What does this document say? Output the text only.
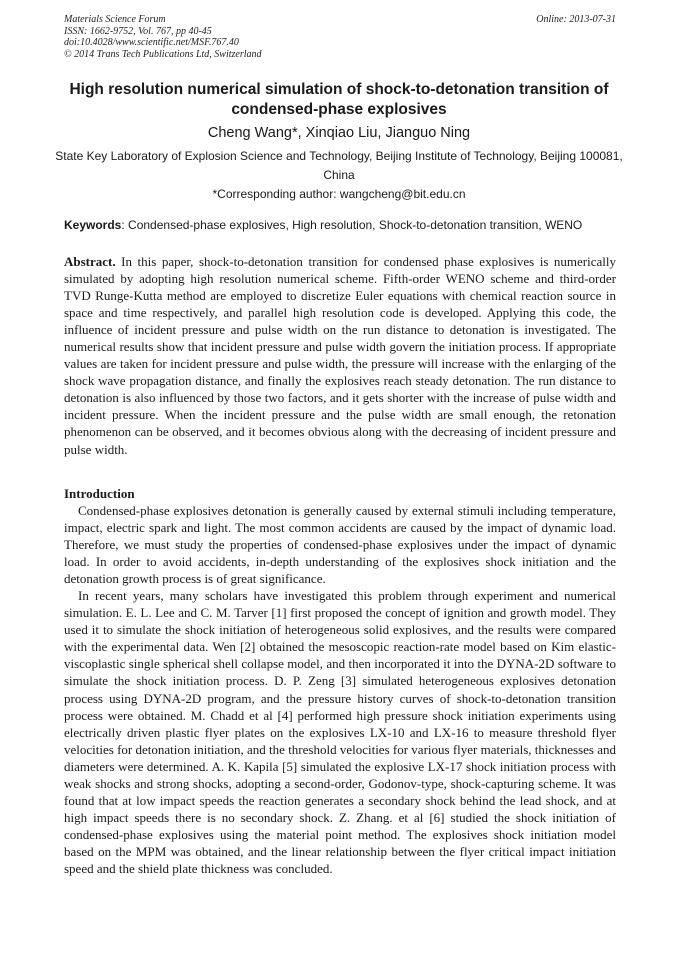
Materials Science Forum
ISSN: 1662-9752, Vol. 767, pp 40-45
doi:10.4028/www.scientific.net/MSF.767.40
© 2014 Trans Tech Publications Ltd, Switzerland
Online: 2013-07-31
High resolution numerical simulation of shock-to-detonation transition of condensed-phase explosives
Cheng Wang*, Xinqiao Liu, Jianguo Ning
State Key Laboratory of Explosion Science and Technology, Beijing Institute of Technology, Beijing 100081, China
*Corresponding author: wangcheng@bit.edu.cn
Keywords: Condensed-phase explosives, High resolution, Shock-to-detonation transition, WENO
Abstract. In this paper, shock-to-detonation transition for condensed phase explosives is numerically simulated by adopting high resolution numerical scheme. Fifth-order WENO scheme and third-order TVD Runge-Kutta method are employed to discretize Euler equations with chemical reaction source in space and time respectively, and parallel high resolution code is developed. Applying this code, the influence of incident pressure and pulse width on the run distance to detonation is investigated. The numerical results show that incident pressure and pulse width govern the initiation process. If appropriate values are taken for incident pressure and pulse width, the pressure will increase with the enlarging of the shock wave propagation distance, and finally the explosives reach steady detonation. The run distance to detonation is also influenced by those two factors, and it gets shorter with the increase of pulse width and incident pressure. When the incident pressure and the pulse width are small enough, the retonation phenomenon can be observed, and it becomes obvious along with the decreasing of incident pressure and pulse width.
Introduction

Condensed-phase explosives detonation is generally caused by external stimuli including temperature, impact, electric spark and light. The most common accidents are caused by the impact of dynamic load. Therefore, we must study the properties of condensed-phase explosives under the impact of dynamic load. In order to avoid accidents, in-depth understanding of the explosives shock initiation and the detonation growth process is of great significance.

In recent years, many scholars have investigated this problem through experiment and numerical simulation. E. L. Lee and C. M. Tarver [1] first proposed the concept of ignition and growth model. They used it to simulate the shock initiation of heterogeneous solid explosives, and the results were compared with the experimental data. Wen [2] obtained the mesoscopic reaction-rate model based on Kim elastic-viscoplastic single spherical shell collapse model, and then incorporated it into the DYNA-2D software to simulate the shock initiation process. D. P. Zeng [3] simulated heterogeneous explosives detonation process using DYNA-2D program, and the pressure history curves of shock-to-detonation transition process were obtained. M. Chadd et al [4] performed high pressure shock initiation experiments using electrically driven plastic flyer plates on the explosives LX-10 and LX-16 to measure threshold flyer velocities for detonation initiation, and the threshold velocities for various flyer materials, thicknesses and diameters were determined. A. K. Kapila [5] simulated the explosive LX-17 shock initiation process with weak shocks and strong shocks, adopting a second-order, Godonov-type, shock-capturing scheme. It was found that at low impact speeds the reaction generates a secondary shock behind the lead shock, and at high impact speeds there is no secondary shock. Z. Zhang. et al [6] studied the shock initiation of condensed-phase explosives using the material point method. The explosives shock initiation model based on the MPM was obtained, and the linear relationship between the flyer critical impact initiation speed and the shield plate thickness was concluded.
